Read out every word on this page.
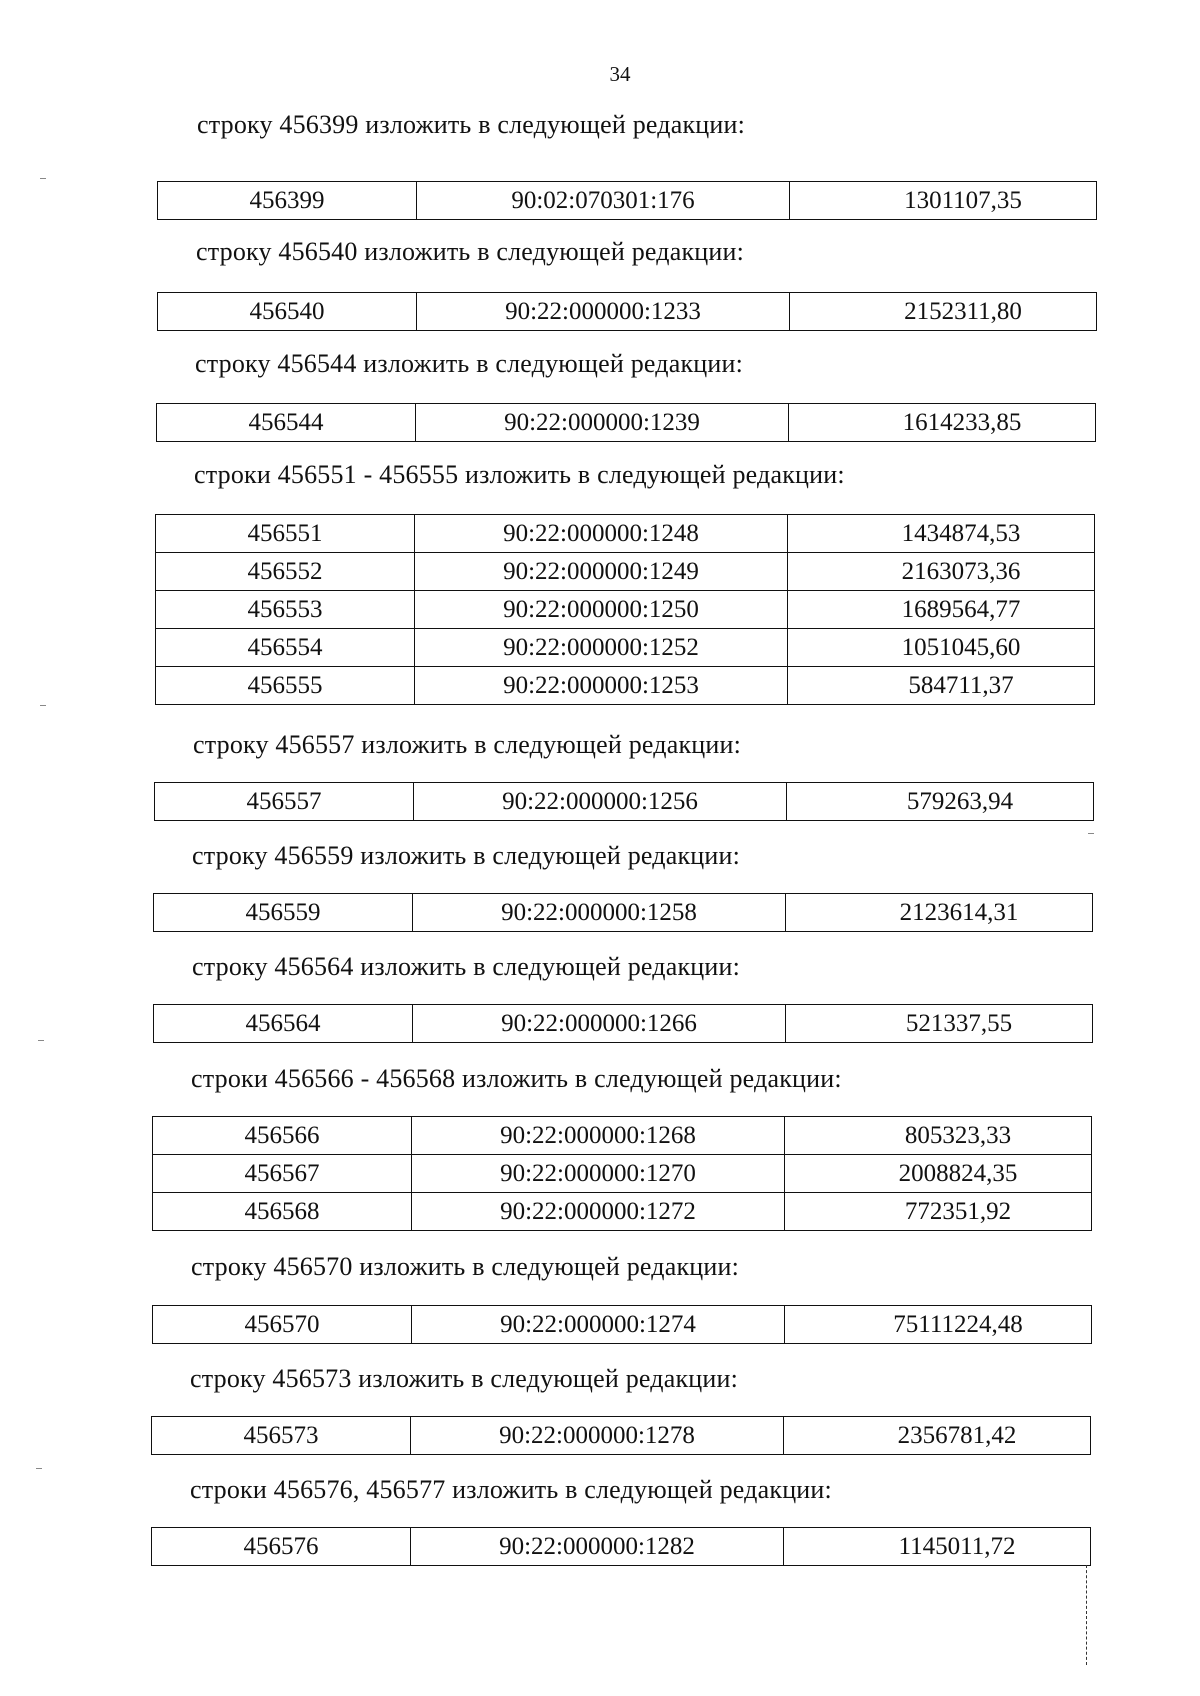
34
строку 456399 изложить в следующей редакции:
456399	90:02:070301:176	1301107,35
строку 456540 изложить в следующей редакции:
456540	90:22:000000:1233	2152311,80
строку 456544 изложить в следующей редакции:
456544	90:22:000000:1239	1614233,85
строки 456551 - 456555 изложить в следующей редакции:
456551	90:22:000000:1248	1434874,53
456552	90:22:000000:1249	2163073,36
456553	90:22:000000:1250	1689564,77
456554	90:22:000000:1252	1051045,60
456555	90:22:000000:1253	584711,37
строку 456557 изложить в следующей редакции:
456557	90:22:000000:1256	579263,94
строку 456559 изложить в следующей редакции:
456559	90:22:000000:1258	2123614,31
строку 456564 изложить в следующей редакции:
456564	90:22:000000:1266	521337,55
строки 456566 - 456568 изложить в следующей редакции:
456566	90:22:000000:1268	805323,33
456567	90:22:000000:1270	2008824,35
456568	90:22:000000:1272	772351,92
строку 456570 изложить в следующей редакции:
456570	90:22:000000:1274	75111224,48
строку 456573 изложить в следующей редакции:
456573	90:22:000000:1278	2356781,42
строки 456576, 456577 изложить в следующей редакции:
456576	90:22:000000:1282	1145011,72
